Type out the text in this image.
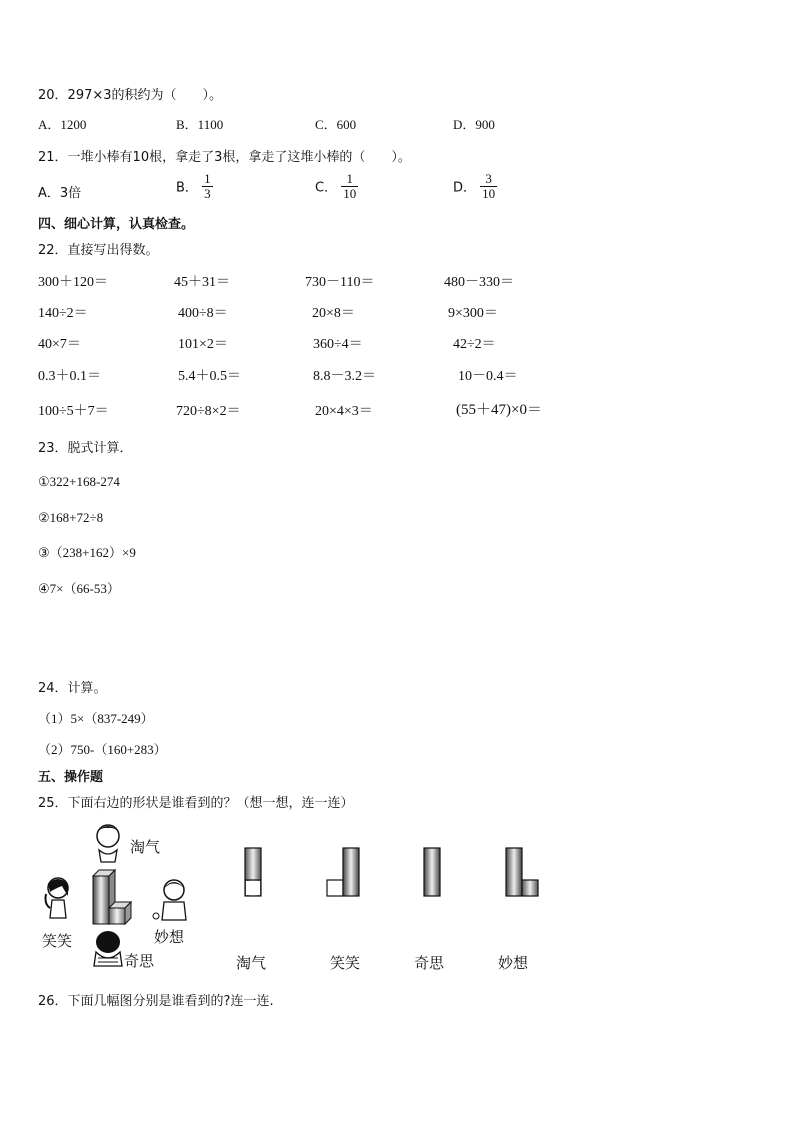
20．297×3的积约为（　　）。
A．1200	B．1100	C．600	D．900
21．一堆小棒有10根，拿走了3根，拿走了这堆小棒的（　　）。
A．3倍	B． $\frac{1}{3}$	C． $\frac{1}{10}$	D． $\frac{3}{10}$
四、细心计算，认真检查。
22．直接写出得数。
300＋120＝	45＋31＝	730－110＝	480－330＝
140÷2＝	400÷8＝	20×8＝	9×300＝
40×7＝	101×2＝	360÷4＝	42÷2＝
0.3＋0.1＝	5.4＋0.5＝	8.8－3.2＝	10－0.4＝
100÷5＋7＝	720÷8×2＝	20×4×3＝	(55＋47)×0＝
23．脱式计算．
①322+168-274
②168+72÷8
③（238+162）×9
④7×（66-53）
24．计算。
（1）5×（837-249）
（2）750-（160+283）
五、操作题
25．下面右边的形状是谁看到的？（想一想，连一连）
淘气
笑笑	妙想
奇思	淘气	笑笑	奇思	妙想
26．下面几幅图分别是谁看到的?连一连.
